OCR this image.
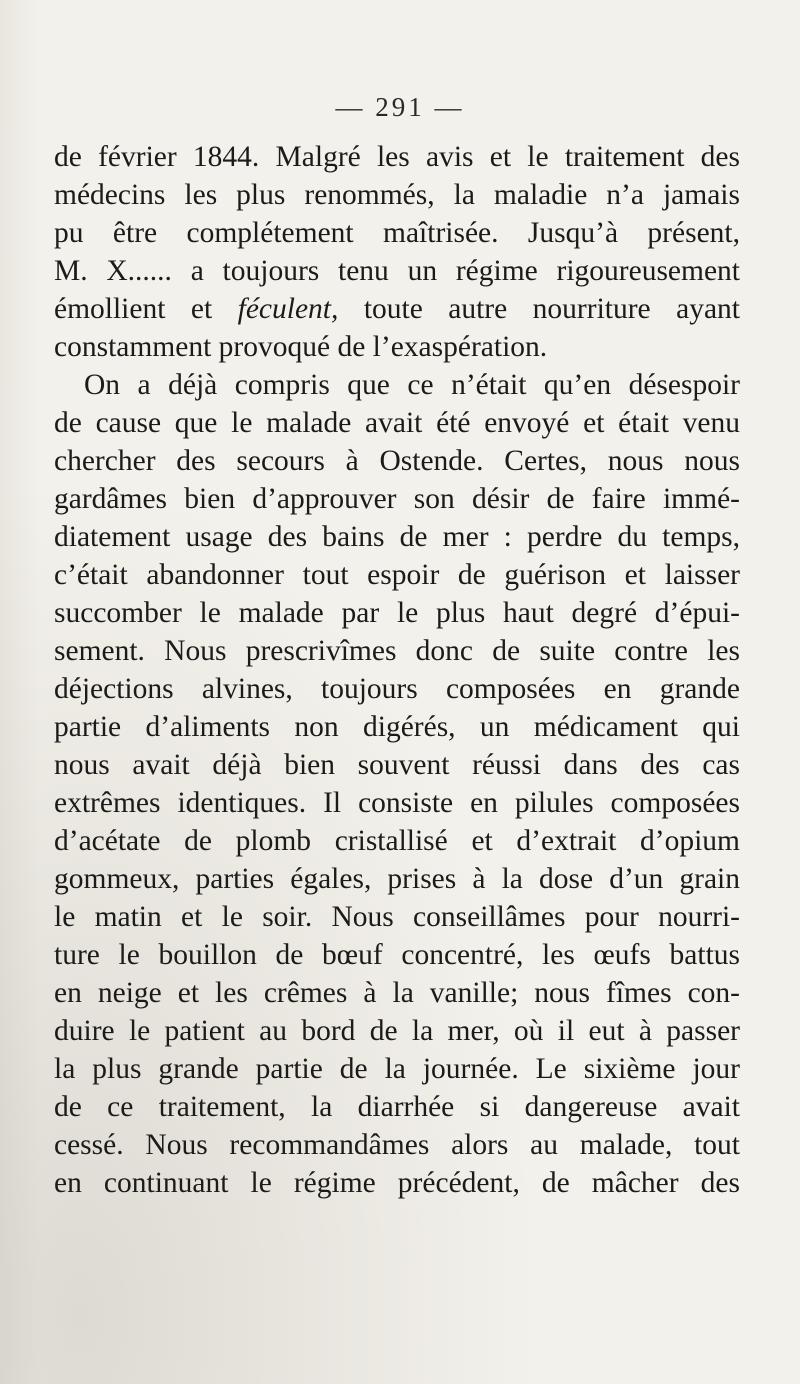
— 291 —
de février 1844. Malgré les avis et le traitement des
médecins les plus renommés, la maladie n’a jamais
pu être complétement maîtrisée. Jusqu’à présent,
M. X...... a toujours tenu un régime rigoureusement
émollient et féculent, toute autre nourriture ayant
constamment provoqué de l’exaspération.
On a déjà compris que ce n’était qu’en désespoir
de cause que le malade avait été envoyé et était venu
chercher des secours à Ostende. Certes, nous nous
gardâmes bien d’approuver son désir de faire immé-
diatement usage des bains de mer : perdre du temps,
c’était abandonner tout espoir de guérison et laisser
succomber le malade par le plus haut degré d’épui-
sement. Nous prescrivîmes donc de suite contre les
déjections alvines, toujours composées en grande
partie d’aliments non digérés, un médicament qui
nous avait déjà bien souvent réussi dans des cas
extrêmes identiques. Il consiste en pilules composées
d’acétate de plomb cristallisé et d’extrait d’opium
gommeux, parties égales, prises à la dose d’un grain
le matin et le soir. Nous conseillâmes pour nourri-
ture le bouillon de bœuf concentré, les œufs battus
en neige et les crêmes à la vanille; nous fîmes con-
duire le patient au bord de la mer, où il eut à passer
la plus grande partie de la journée. Le sixième jour
de ce traitement, la diarrhée si dangereuse avait
cessé. Nous recommandâmes alors au malade, tout
en continuant le régime précédent, de mâcher des
